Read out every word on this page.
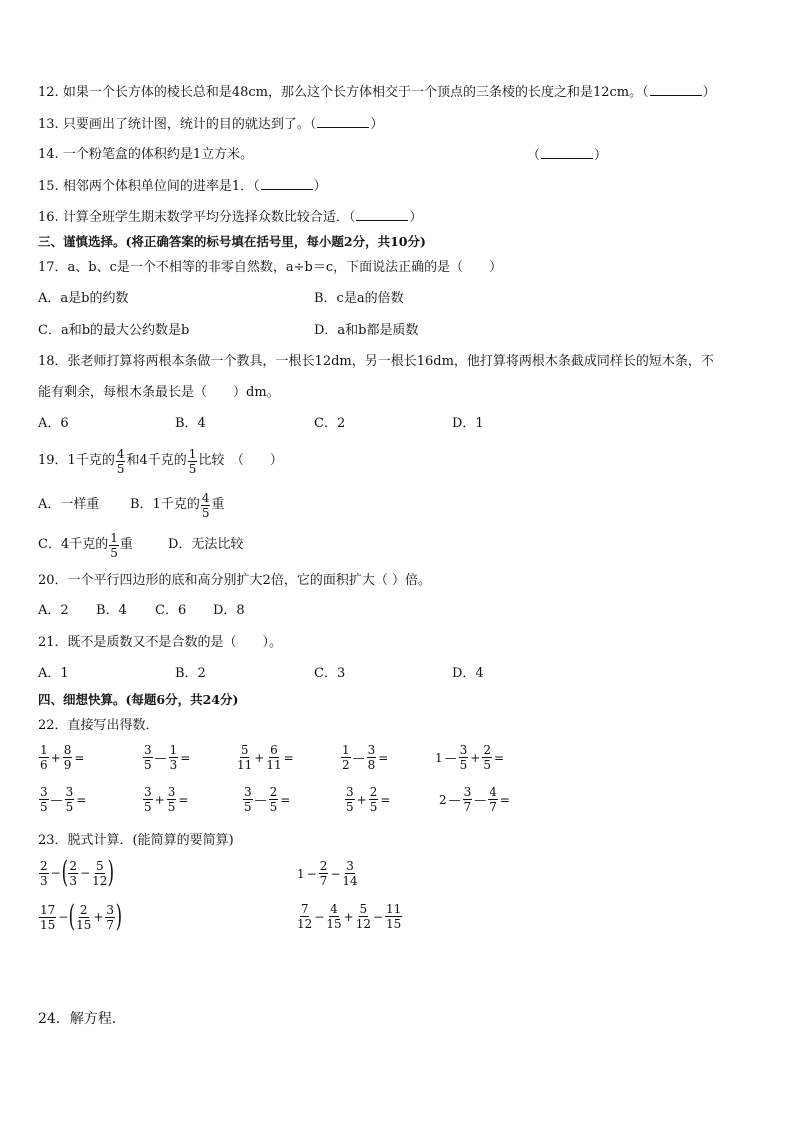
12. 如果一个长方体的棱长总和是48cm，那么这个长方体相交于一个顶点的三条棱的长度之和是12cm。（	）
13. 只要画出了统计图，统计的目的就达到了。（	）
14. 一个粉笔盒的体积约是1立方米。	（	）
15. 相邻两个体积单位间的进率是1．（	）
16. 计算全班学生期末数学平均分选择众数比较合适．（	）
三、谨慎选择。(将正确答案的标号填在括号里，每小题2分，共10分)
17．a、b、c是一个不相等的非零自然数，a÷b＝c，下面说法正确的是（　　）
A．a是b的约数	B．c是a的倍数
C．a和b的最大公约数是b	D．a和b都是质数
18．张老师打算将两根本条做一个教具，一根长12dm，另一根长16dm，他打算将两根木条截成同样长的短木条，不
能有剩余，每根木条最长是（　　）dm。
A．6	B．4	C．2	D．1
19．1千克的 $\frac{4}{5}$ 和4千克的 $\frac{1}{5}$ 比较　（　　）
A．一样重 B．1千克的 $\frac{4}{5}$ 重
C．4千克的 $\frac{1}{5}$ 重	D．无法比较
20．一个平行四边形的底和高分别扩大2倍，它的面积扩大（ ）倍。
A．2 B．4 C．6 D．8
21．既不是质数又不是合数的是（　　）。
A．1	B．2	C．3	D．4
四、细想快算。(每题6分，共24分)
22．直接写出得数．
$\frac{1}{6} + \frac{8}{9}$ =	$\frac{3}{5}$ — $\frac{1}{3}$ =	$\frac{5}{11} + \frac{6}{11}$ =	$\frac{1}{2}$ — $\frac{3}{8}$ =	1 — $\frac{3}{5} + \frac{2}{5}$ =
$\frac{3}{5}$ — $\frac{3}{5}$ =	$\frac{3}{5} + \frac{3}{5}$ =	$\frac{3}{5}$ — $\frac{2}{5}$ =	$\frac{3}{5} + \frac{2}{5}$ =	2 — $\frac{3}{7}$ — $\frac{4}{7}$ =
23．脱式计算．(能简算的要简算)
$\frac{2}{3}$ − ( $\frac{2}{3} - \frac{5}{12}$ )	$1 - \frac{2}{7} - \frac{3}{14}$
$\frac{17}{15}$ − ( $\frac{2}{15} + \frac{3}{7}$ )	$\frac{7}{12} - \frac{4}{15} + \frac{5}{12} - \frac{11}{15}$
24．解方程．
